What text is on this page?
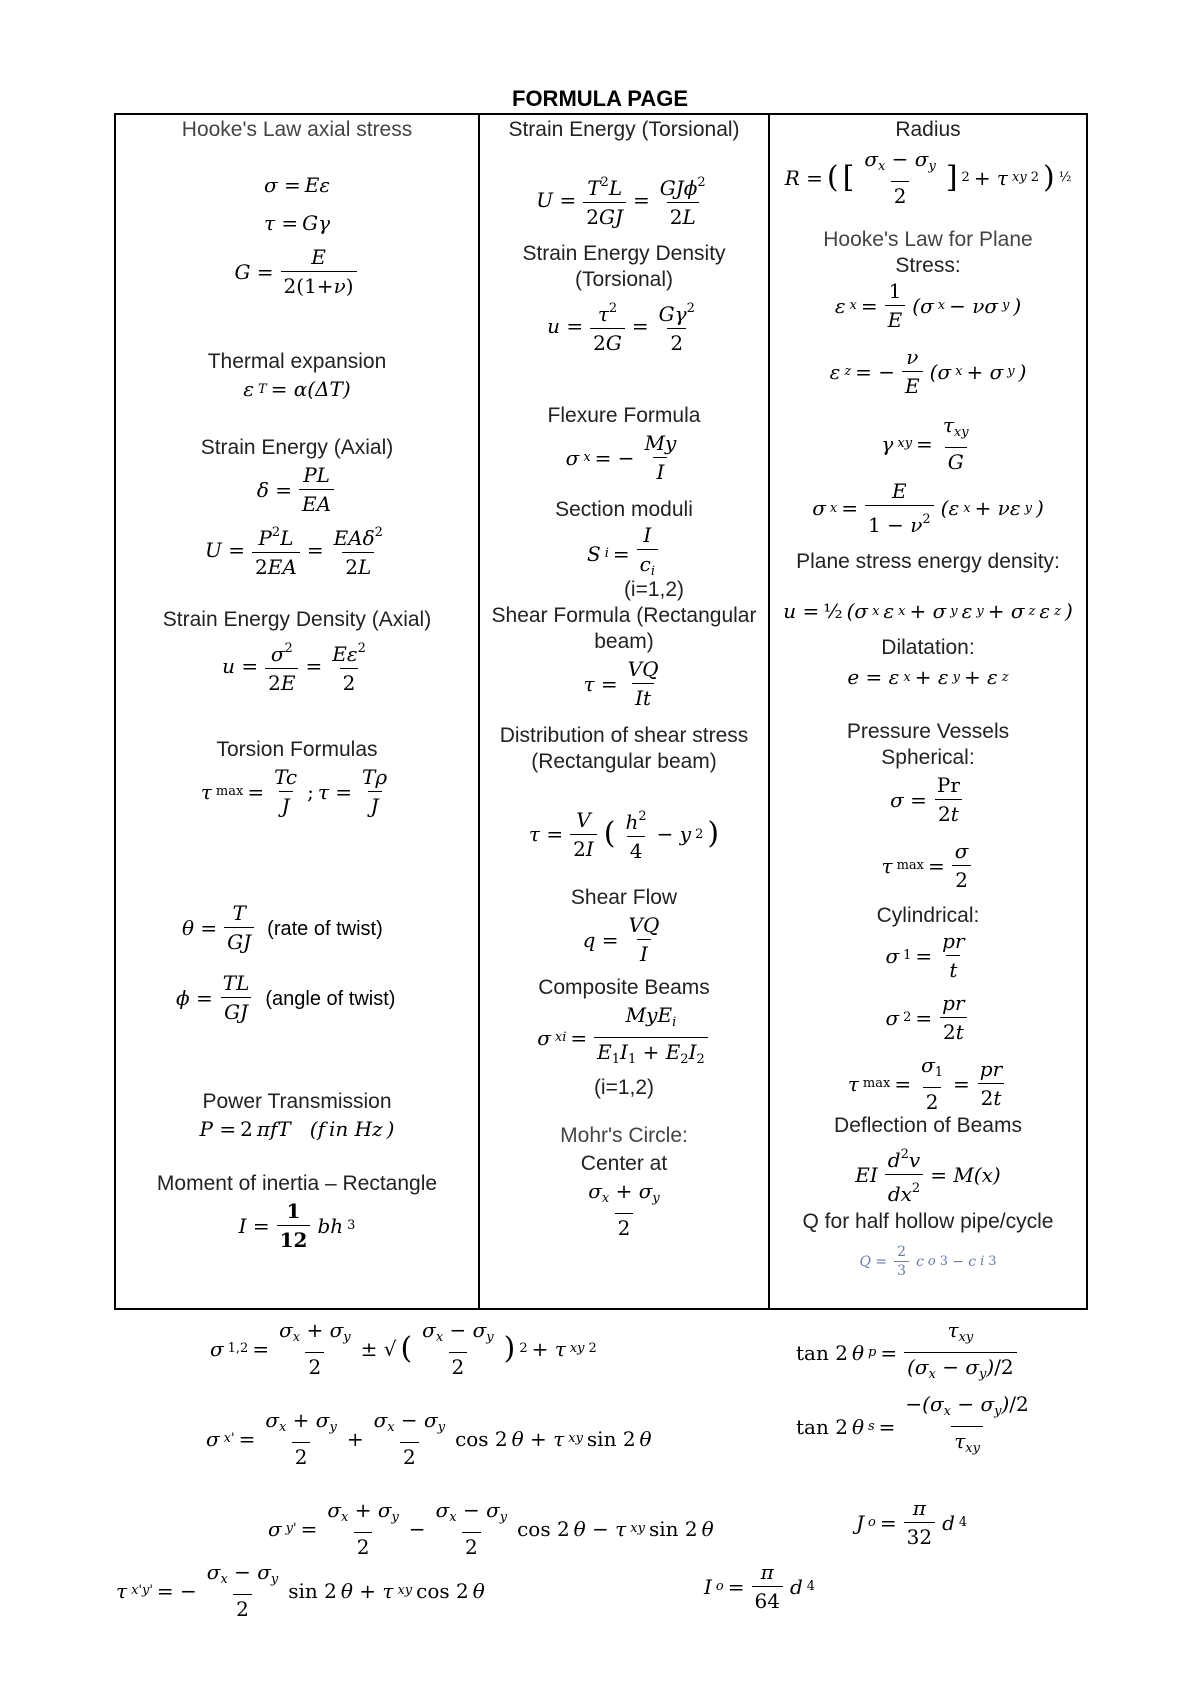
FORMULA PAGE
Hooke's Law axial stress
σ = Eε
τ = Gγ
G =
E
2(1+ν)
Thermal expansion
ε T = α(ΔT)
Strain Energy (Axial)
δ =
PL
EA
$U = P^2L$
2EA
= EAδ$^2$
2L
Strain Energy Density (Axial)
$u = \sigma^2$
2E
= $E\varepsilon^2$
2
Torsion Formulas
τ max =
Tc
J
; τ =
Tρ
J
θ =
T
GJ
(rate of twist)
ϕ =
TL
GJ
(angle of twist)
Power Transmission
P = 2 πfT   (f in Hz )
Moment of inertia – Rectangle
I =
1
12
bh 3
Strain Energy (Torsional)
$U = T^2L$
2GJ
= GJϕ$^2$
2L
Strain Energy Density (Torsional)
$u = \tau^2$
2G
= $G\gamma^2$
2
Flexure Formula
σ x = −
My
I
Section moduli
S i =
I
$c_i$
(i=1,2)
Shear Formula (Rectangular beam)
τ =
VQ
It
Distribution of shear stress (Rectangular beam)
τ =
V
2I ( $h^2$
4
− y 2 )
Shear Flow
q =
VQ
I
Composite Beams
σ xi =
MyE$_i$
$E_1I_1 + E_2I_2$
(i=1,2)
Mohr's Circle:
Center at
$\sigma_x + \sigma_y$
2
Radius
R = ( [
$\sigma_x - \sigma_y$
2
] 2 + τ xy 2 ) ½
Hooke's Law for Plane
Stress:
ε x =
1
E
(σ x − νσ y )
ε z = −
ν
E
(σ x + σ y )
γ xy =
$\tau_{xy}$
G
σ x =
E
$1 - \nu^2$ (ε x + νε y )
Plane stress energy density:
u = ½ (σ x ε x + σ y ε y + σ z ε z )
Dilatation:
e = ε x + ε y + ε z
Pressure Vessels
Spherical:
σ =
Pr
2t
τ max =
σ
2
Cylindrical:
σ 1 =
pr
t
σ 2 =
pr
2t
τ max =
$\sigma_1$
2
=
pr
2t
Deflection of Beams
EI
$d^2v$
$dx^2$
= M(x)
Q for half hollow pipe/cycle
Q =
2
3
c o 3 − c i 3
σ 1,2 =
$\sigma_x + \sigma_y$
2
± √ (
$\sigma_x - \sigma_y$
2
) 2 + τ xy 2	tan 2 θ p =
$\tau_{xy}$
$(\sigma_x - \sigma_y)/2$
σ x' =
$\sigma_x + \sigma_y$
2
+
$\sigma_x - \sigma_y$
2
cos 2 θ + τ xy sin 2 θ	tan 2 θ s =
$-(\sigma_x - \sigma_y)/2$
$\tau_{xy}$
σ y' =
$\sigma_x + \sigma_y$
2
−
$\sigma_x - \sigma_y$
2
cos 2 θ − τ xy sin 2 θ	J o =
π
32
d 4
τ x'y' = −
$\sigma_x - \sigma_y$
2
sin 2 θ + τ xy cos 2 θ	I o =
π
64
d 4
